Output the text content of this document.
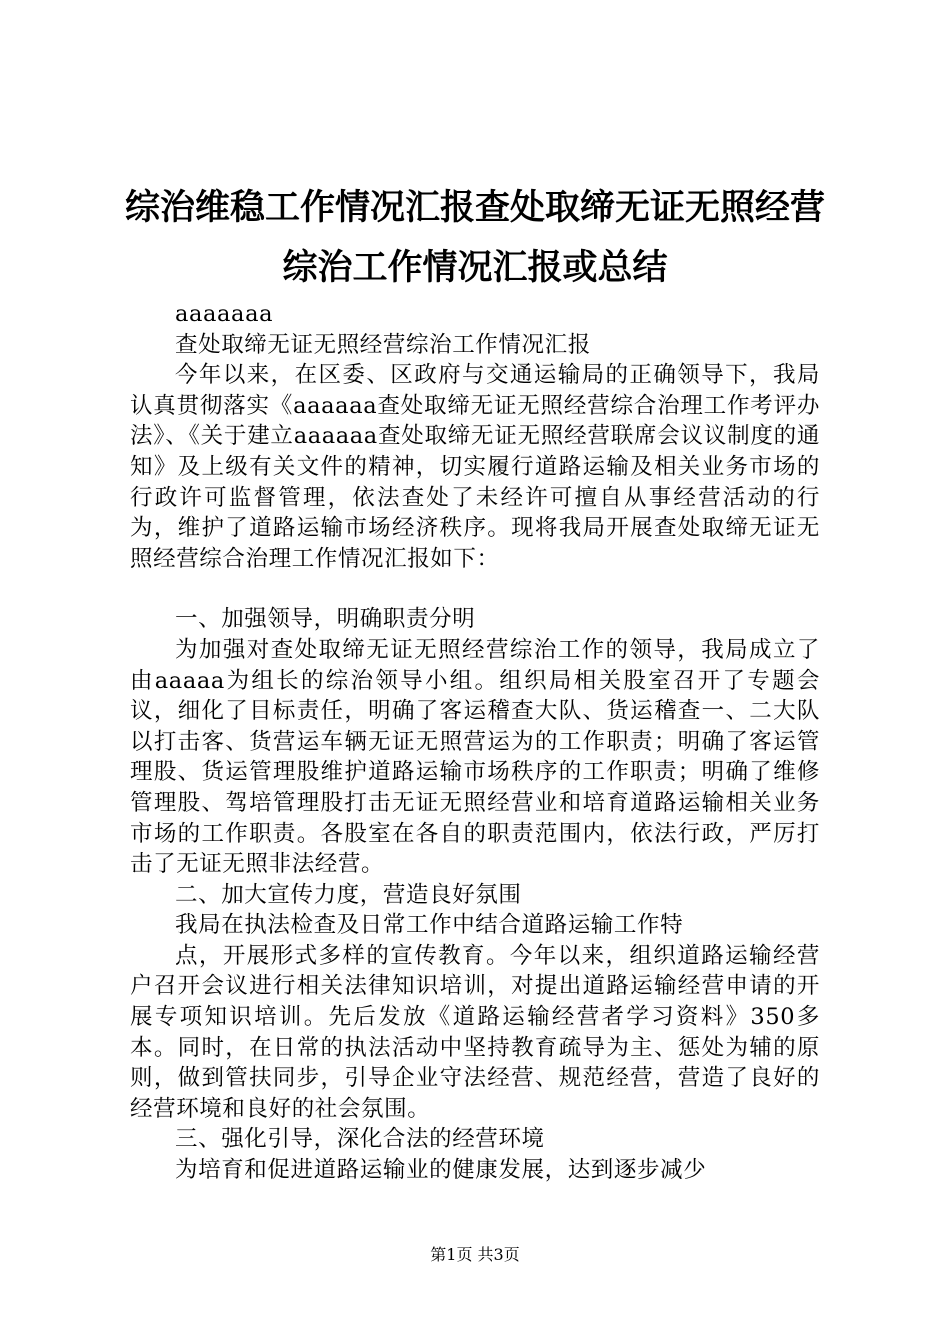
综治维稳工作情况汇报查处取缔无证无照经营
综治工作情况汇报或总结

aaaaaaa

查处取缔无证无照经营综治工作情况汇报

今年以来，在区委、区政府与交通运输局的正确领导下，我局认真贯彻落实《aaaaaa查处取缔无证无照经营综合治理工作考评办法》、《关于建立aaaaaa查处取缔无证无照经营联席会议议制度的通知》及上级有关文件的精神，切实履行道路运输及相关业务市场的行政许可监督管理，依法查处了未经许可擅自从事经营活动的行为，维护了道路运输市场经济秩序。现将我局开展查处取缔无证无照经营综合治理工作情况汇报如下：

一、加强领导，明确职责分明

为加强对查处取缔无证无照经营综治工作的领导，我局成立了由aaaaa为组长的综治领导小组。组织局相关股室召开了专题会议，细化了目标责任，明确了客运稽查大队、货运稽查一、二大队以打击客、货营运车辆无证无照营运为的工作职责；明确了客运管理股、货运管理股维护道路运输市场秩序的工作职责；明确了维修管理股、驾培管理股打击无证无照经营业和培育道路运输相关业务市场的工作职责。各股室在各自的职责范围内，依法行政，严厉打击了无证无照非法经营。

二、加大宣传力度，营造良好氛围

我局在执法检查及日常工作中结合道路运输工作特

点，开展形式多样的宣传教育。今年以来，组织道路运输经营户召开会议进行相关法律知识培训，对提出道路运输经营申请的开展专项知识培训。先后发放《道路运输经营者学习资料》350多本。同时，在日常的执法活动中坚持教育疏导为主、惩处为辅的原则，做到管扶同步，引导企业守法经营、规范经营，营造了良好的经营环境和良好的社会氛围。

三、强化引导，深化合法的经营环境

为培育和促进道路运输业的健康发展，达到逐步减少

第1页 共3页
